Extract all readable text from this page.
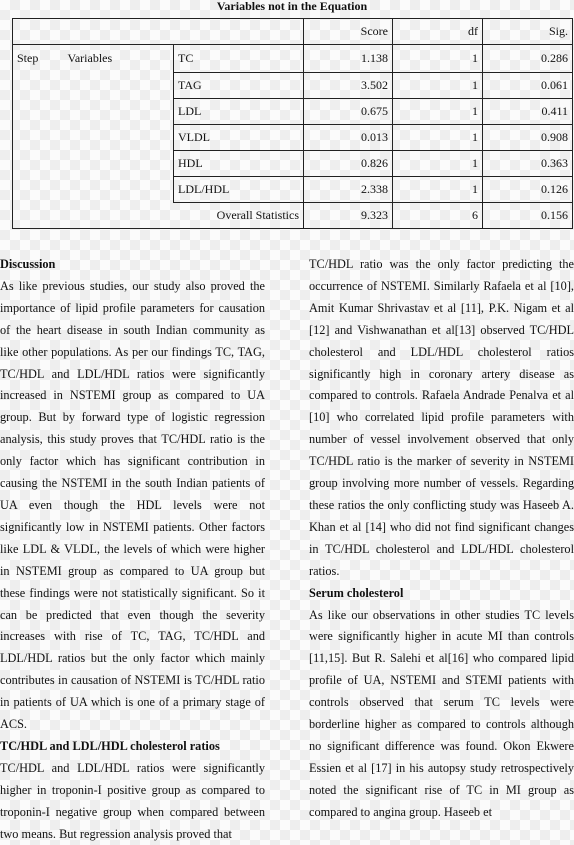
Variables not in the Equation
			Score	df	Sig.
Step	Variables	TC	1.138	1	0.286
		TAG	3.502	1	0.061
		LDL	0.675	1	0.411
		VLDL	0.013	1	0.908
		HDL	0.826	1	0.363
		LDL/HDL	2.338	1	0.126
	Overall Statistics		9.323	6	0.156

Discussion

As like previous studies, our study also proved the importance of lipid profile parameters for causation of the heart disease in south Indian community as like other populations. As per our findings TC, TAG, TC/HDL and LDL/HDL ratios were significantly increased in NSTEMI group as compared to UA group. But by forward type of logistic regression analysis, this study proves that TC/HDL ratio is the only factor which has significant contribution in causing the NSTEMI in the south Indian patients of UA even though the HDL levels were not significantly low in NSTEMI patients. Other factors like LDL & VLDL, the levels of which were higher in NSTEMI group as compared to UA group but these findings were not statistically significant. So it can be predicted that even though the severity increases with rise of TC, TAG, TC/HDL and LDL/HDL ratios but the only factor which mainly contributes in causation of NSTEMI is TC/HDL ratio in patients of UA which is one of a primary stage of ACS.

TC/HDL and LDL/HDL cholesterol ratios

TC/HDL and LDL/HDL ratios were significantly higher in troponin-I positive group as compared to troponin-I negative group when compared between two means. But regression analysis proved that

TC/HDL ratio was the only factor predicting the occurrence of NSTEMI. Similarly Rafaela et al [10], Amit Kumar Shrivastav et al [11], P.K. Nigam et al [12] and Vishwanathan et al[13] observed TC/HDL cholesterol and LDL/HDL cholesterol ratios significantly high in coronary artery disease as compared to controls. Rafaela Andrade Penalva et al [10] who correlated lipid profile parameters with number of vessel involvement observed that only TC/HDL ratio is the marker of severity in NSTEMI group involving more number of vessels. Regarding these ratios the only conflicting study was Haseeb A. Khan et al [14] who did not find significant changes in TC/HDL cholesterol and LDL/HDL cholesterol ratios.

Serum cholesterol

As like our observations in other studies TC levels were significantly higher in acute MI than controls [11,15]. But R. Salehi et al[16] who compared lipid profile of UA, NSTEMI and STEMI patients with controls observed that serum TC levels were borderline higher as compared to controls although no significant difference was found. Okon Ekwere Essien et al [17] in his autopsy study retrospectively noted the significant rise of TC in MI group as compared to angina group. Haseeb et
